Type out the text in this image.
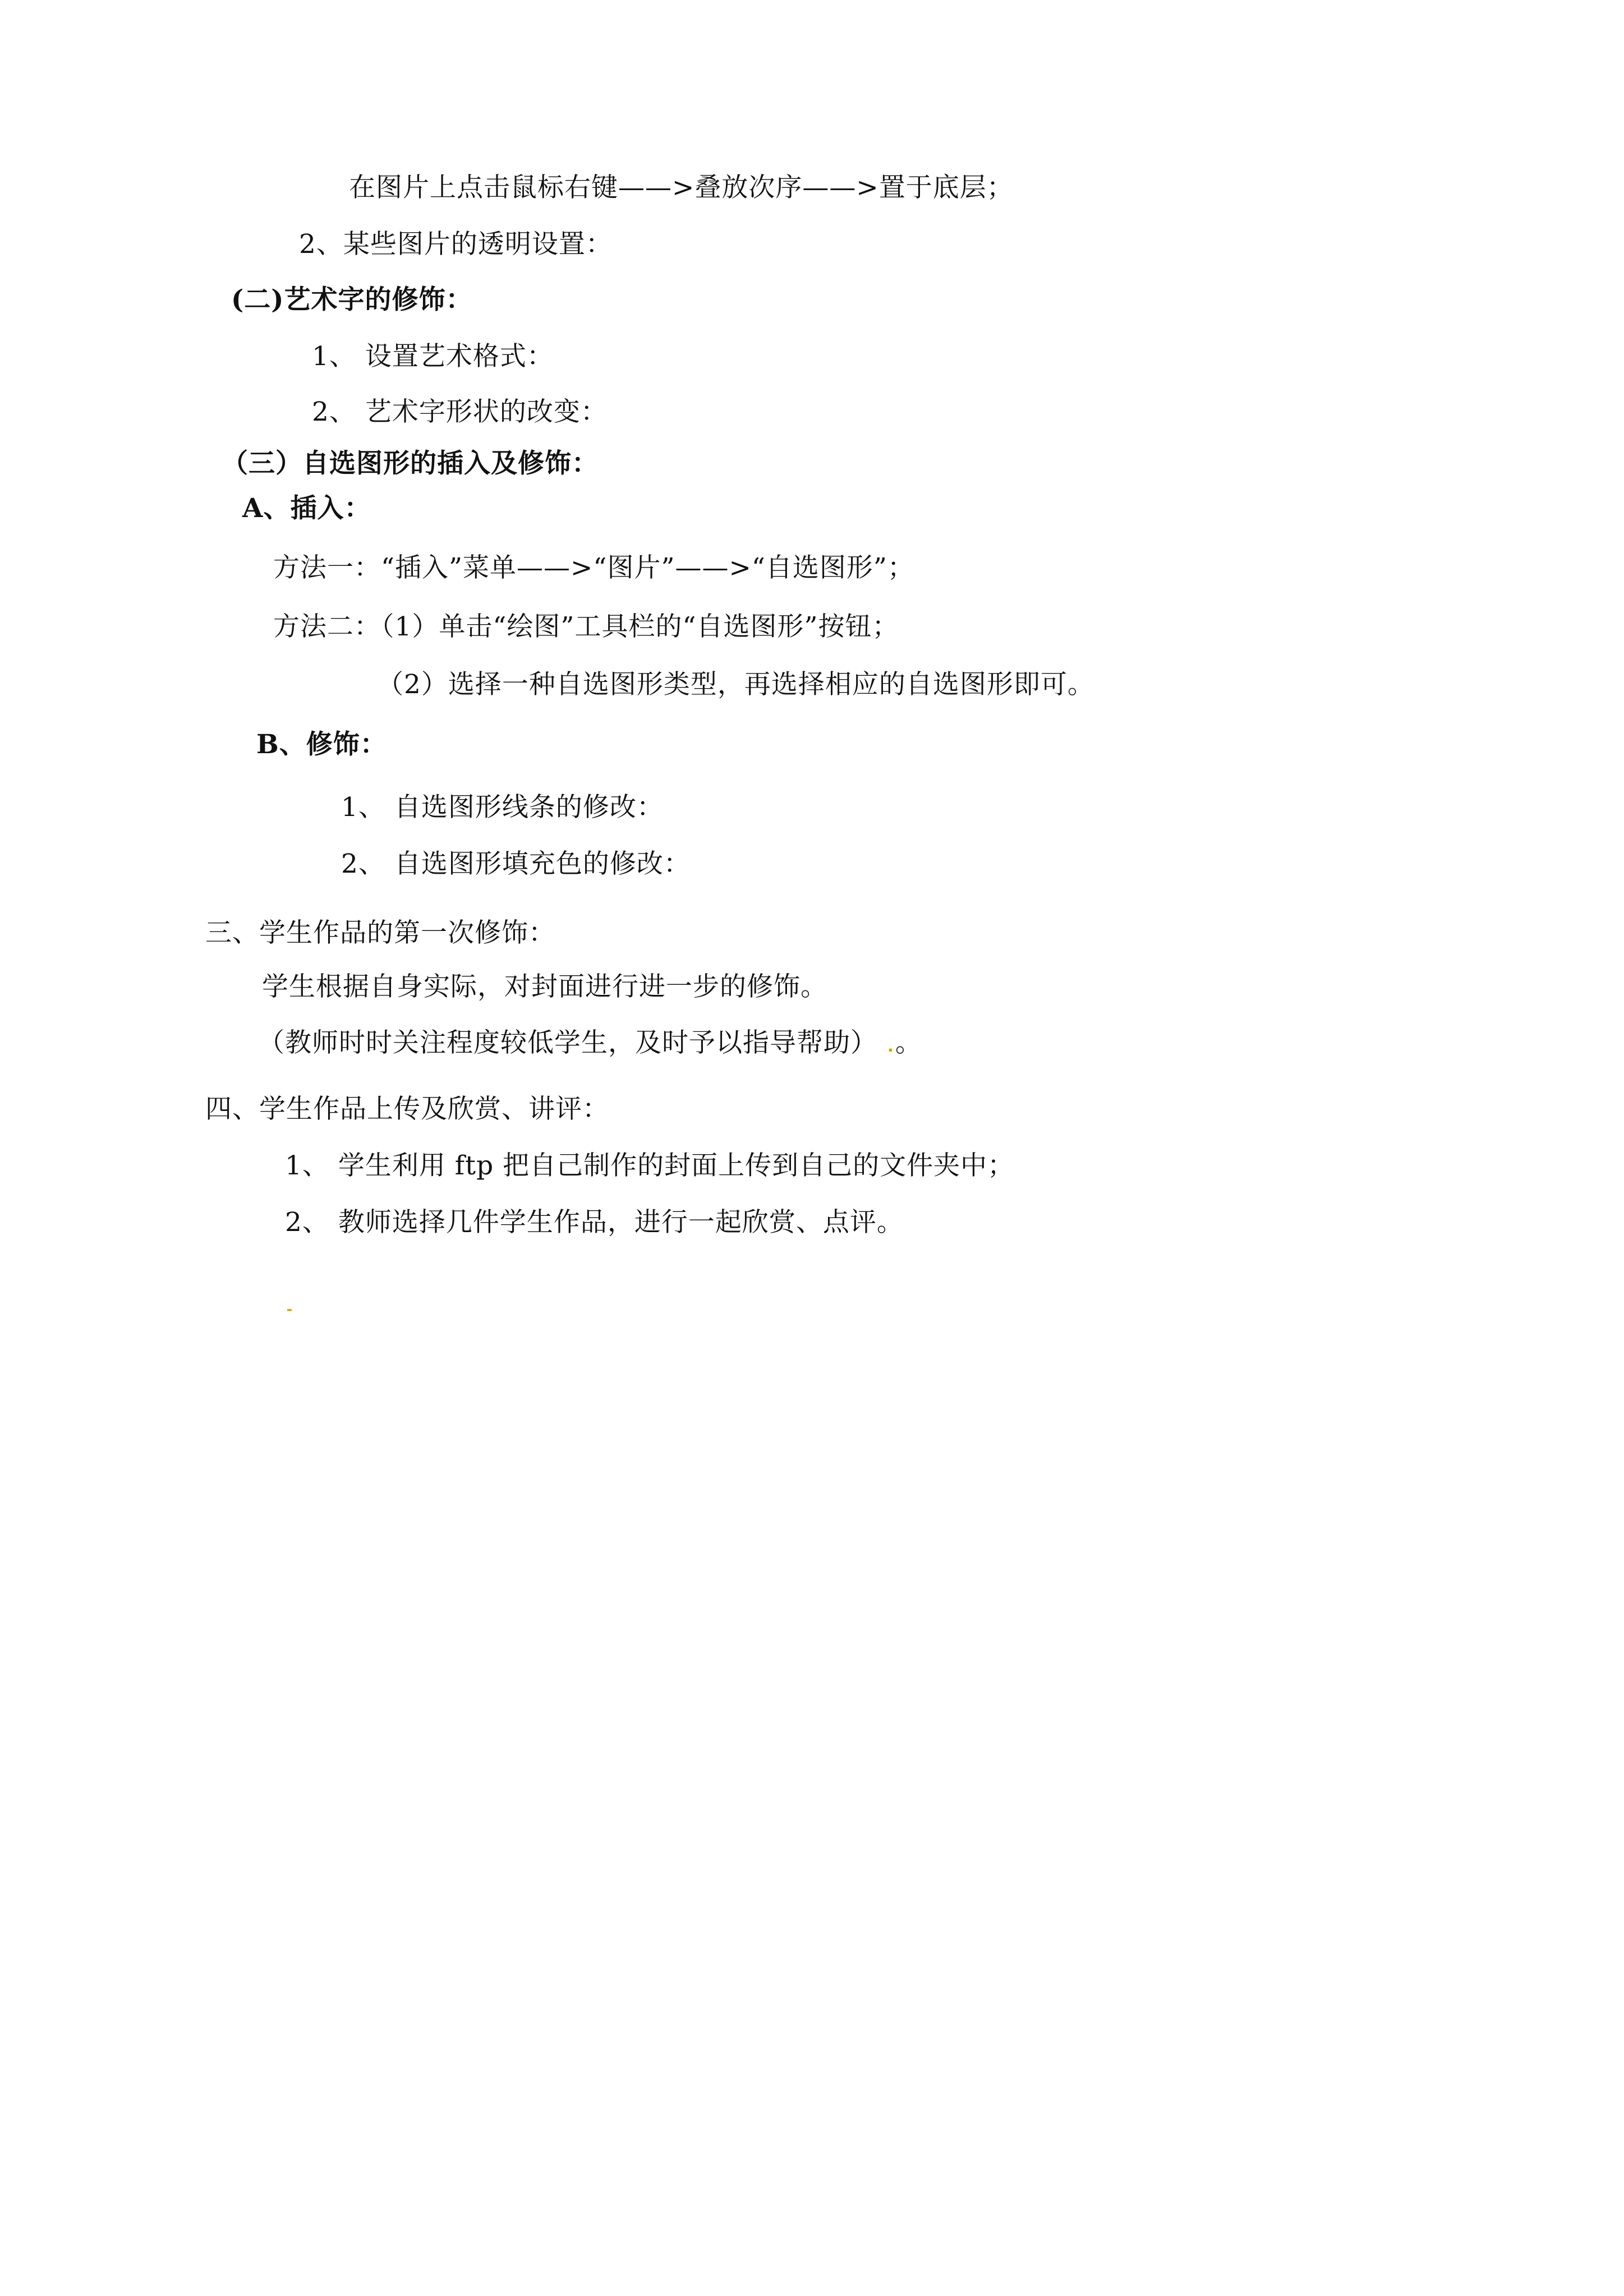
在图片上点击鼠标右键——>叠放次序——>置于底层；
2、某些图片的透明设置：
(二)艺术字的修饰：
1、 设置艺术格式：
2、 艺术字形状的改变：
（三）自选图形的插入及修饰：
A、插入：
方法一：“插入”菜单——>“图片”——>“自选图形”；
方法二：（1）单击“绘图”工具栏的“自选图形”按钮；
（2）选择一种自选图形类型，再选择相应的自选图形即可。
B、修饰：
1、 自选图形线条的修改：
2、 自选图形填充色的修改：
三、学生作品的第一次修饰：
学生根据自身实际，对封面进行进一步的修饰。
（教师时时关注程度较低学生，及时予以指导帮助） .。
四、学生作品上传及欣赏、讲评：
1、 学生利用 ftp 把自己制作的封面上传到自己的文件夹中；
2、 教师选择几件学生作品，进行一起欣赏、点评。
